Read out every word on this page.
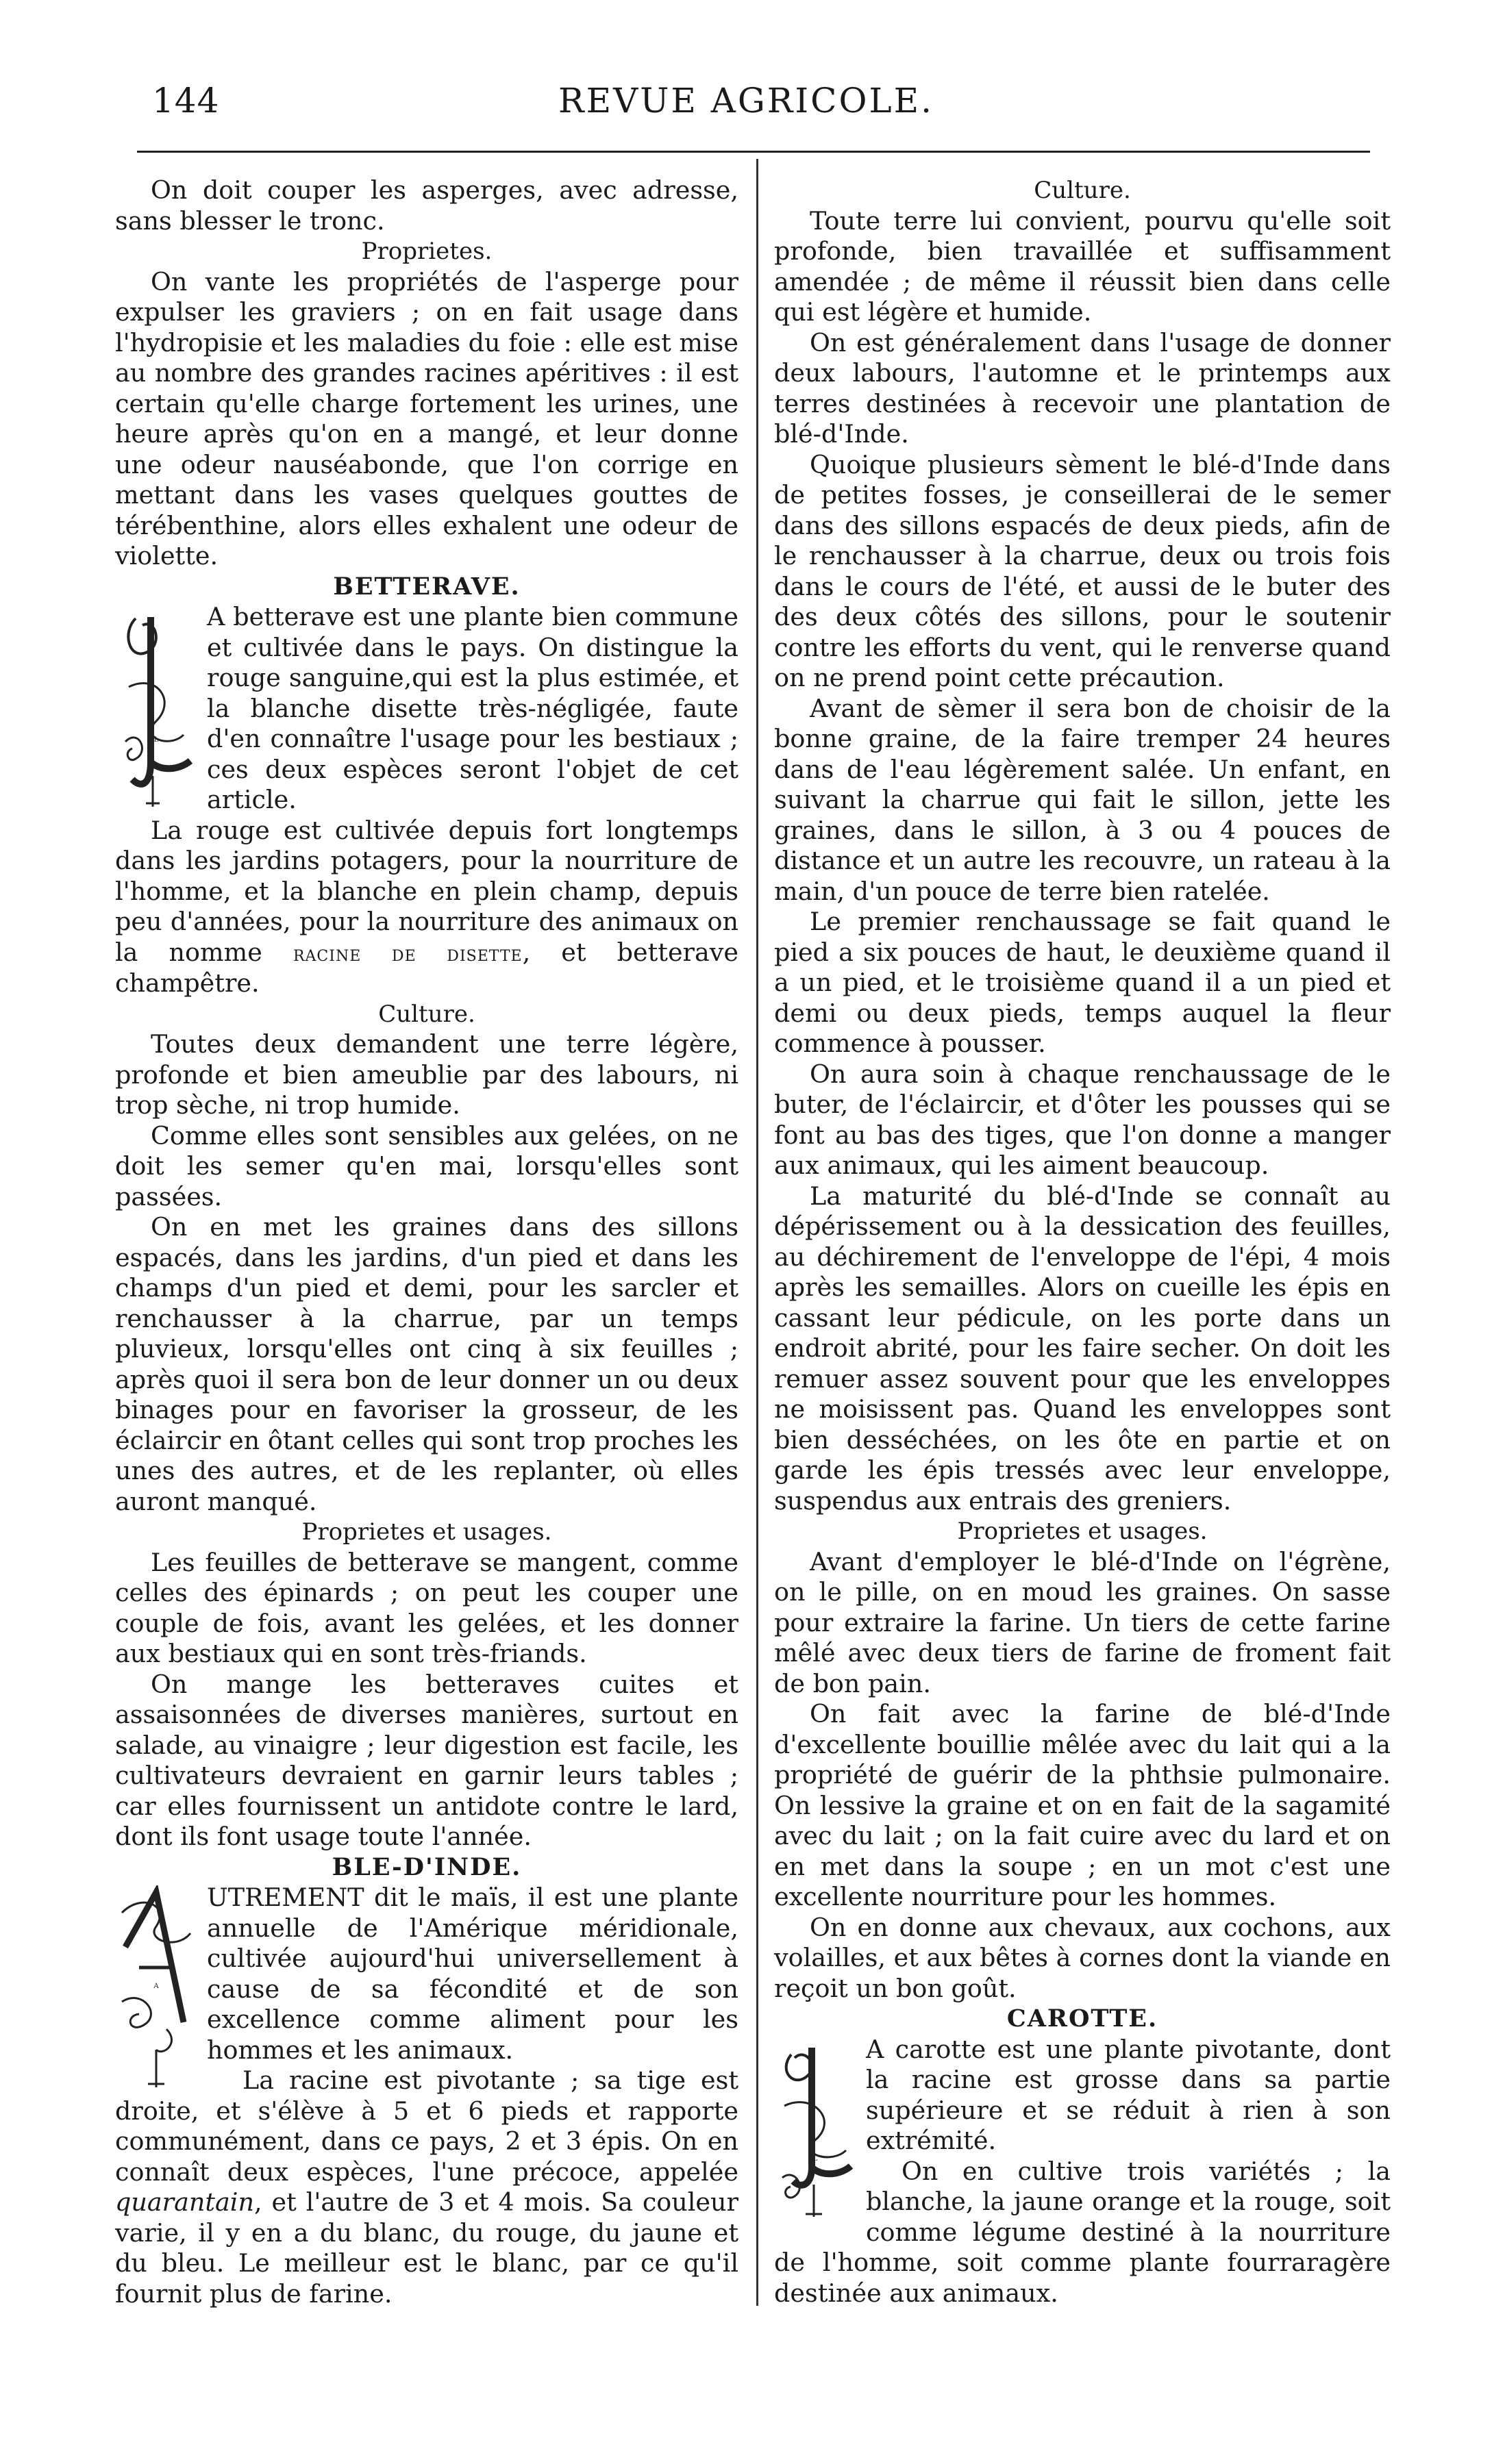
144	REVUE AGRICOLE.

On doit couper les asperges, avec adresse, sans blesser le tronc.

Proprietes.

On vante les propriétés de l'asperge pour expulser les graviers ; on en fait usage dans l'hydropisie et les maladies du foie : elle est mise au nombre des grandes racines apéritives : il est certain qu'elle charge fortement les urines, une heure après qu'on en a mangé, et leur donne une odeur nauséabonde, que l'on corrige en mettant dans les vases quelques gouttes de térébenthine, alors elles exhalent une odeur de violette.

BETTERAVE.
L

A betterave est une plante bien commune et cultivée dans le pays. On distingue la rouge sanguine,qui est la plus estimée, et la blanche disette très-négligée, faute d'en connaître l'usage pour les bestiaux ; ces deux espèces seront l'objet de cet article.

La rouge est cultivée depuis fort longtemps dans les jardins potagers, pour la nourriture de l'homme, et la blanche en plein champ, depuis peu d'années, pour la nourriture des animaux on la nomme racine de disette, et betterave champêtre.

Culture.

Toutes deux demandent une terre légère, profonde et bien ameublie par des labours, ni trop sèche, ni trop humide.

Comme elles sont sensibles aux gelées, on ne doit les semer qu'en mai, lorsqu'elles sont passées.

On en met les graines dans des sillons espacés, dans les jardins, d'un pied et dans les champs d'un pied et demi, pour les sarcler et renchausser à la charrue, par un temps pluvieux, lorsqu'elles ont cinq à six feuilles ; après quoi il sera bon de leur donner un ou deux binages pour en favoriser la grosseur, de les éclaircir en ôtant celles qui sont trop proches les unes des autres, et de les replanter, où elles auront manqué.

Proprietes et usages.

Les feuilles de betterave se mangent, comme celles des épinards ; on peut les couper une couple de fois, avant les gelées, et les donner aux bestiaux qui en sont très-friands.

On mange les betteraves cuites et assaisonnées de diverses manières, surtout en salade, au vinaigre ; leur digestion est facile, les cultivateurs devraient en garnir leurs tables ; car elles fournissent un antidote contre le lard, dont ils font usage toute l'année.

BLE-D'INDE.
A

UTREMENT dit le maïs, il est une plante annuelle de l'Amérique méridionale, cultivée aujourd'hui universellement à cause de sa fécondité et de son excellence comme aliment pour les hommes et les animaux.

La racine est pivotante ; sa tige est droite, et s'élève à 5 et 6 pieds et rapporte communément, dans ce pays, 2 et 3 épis. On en connaît deux espèces, l'une précoce, appelée quarantain, et l'autre de 3 et 4 mois. Sa couleur varie, il y en a du blanc, du rouge, du jaune et du bleu. Le meilleur est le blanc, par ce qu'il fournit plus de farine.

Culture.

Toute terre lui convient, pourvu qu'elle soit profonde, bien travaillée et suffisamment amendée ; de même il réussit bien dans celle qui est légère et humide.

On est généralement dans l'usage de donner deux labours, l'automne et le printemps aux terres destinées à recevoir une plantation de blé-d'Inde.

Quoique plusieurs sèment le blé-d'Inde dans de petites fosses, je conseillerai de le semer dans des sillons espacés de deux pieds, afin de le renchausser à la charrue, deux ou trois fois dans le cours de l'été, et aussi de le buter des des deux côtés des sillons, pour le soutenir contre les efforts du vent, qui le renverse quand on ne prend point cette précaution.

Avant de sèmer il sera bon de choisir de la bonne graine, de la faire tremper 24 heures dans de l'eau légèrement salée. Un enfant, en suivant la charrue qui fait le sillon, jette les graines, dans le sillon, à 3 ou 4 pouces de distance et un autre les recouvre, un rateau à la main, d'un pouce de terre bien ratelée.

Le premier renchaussage se fait quand le pied a six pouces de haut, le deuxième quand il a un pied, et le troisième quand il a un pied et demi ou deux pieds, temps auquel la fleur commence à pousser.

On aura soin à chaque renchaussage de le buter, de l'éclaircir, et d'ôter les pousses qui se font au bas des tiges, que l'on donne a manger aux animaux, qui les aiment beaucoup.

La maturité du blé-d'Inde se connaît au dépérissement ou à la dessication des feuilles, au déchirement de l'enveloppe de l'épi, 4 mois après les semailles. Alors on cueille les épis en cassant leur pédicule, on les porte dans un endroit abrité, pour les faire secher. On doit les remuer assez souvent pour que les enveloppes ne moisissent pas. Quand les enveloppes sont bien desséchées, on les ôte en partie et on garde les épis tressés avec leur enveloppe, suspendus aux entrais des greniers.

Proprietes et usages.

Avant d'employer le blé-d'Inde on l'égrène, on le pille, on en moud les graines. On sasse pour extraire la farine. Un tiers de cette farine mêlé avec deux tiers de farine de froment fait de bon pain.

On fait avec la farine de blé-d'Inde d'excellente bouillie mêlée avec du lait qui a la propriété de guérir de la phthsie pulmonaire. On lessive la graine et on en fait de la sagamité avec du lait ; on la fait cuire avec du lard et on en met dans la soupe ; en un mot c'est une excellente nourriture pour les hommes.

On en donne aux chevaux, aux cochons, aux volailles, et aux bêtes à cornes dont la viande en reçoit un bon goût.

CAROTTE.
L

A carotte est une plante pivotante, dont la racine est grosse dans sa partie supérieure et se réduit à rien à son extrémité.

On en cultive trois variétés ; la blanche, la jaune orange et la rouge, soit comme légume destiné à la nourriture de l'homme, soit comme plante fourraragère destinée aux animaux.
